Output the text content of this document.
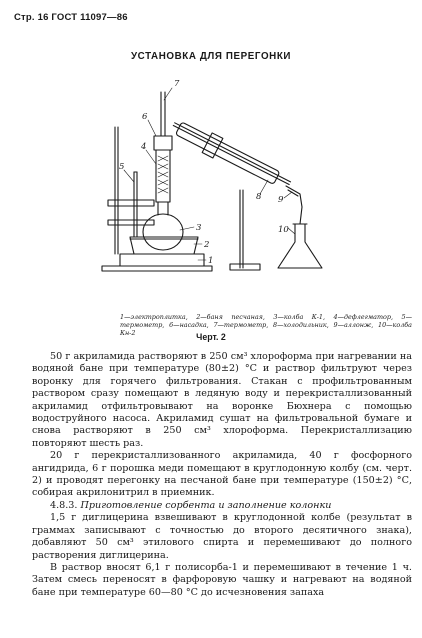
Стр. 16 ГОСТ 11097—86
УСТАНОВКА ДЛЯ ПЕРЕГОНКИ
7
6
4
5
3
2
1
8 9
10
1—электроплитка, 2—баня песчаная, 3—колба К-1, 4—дефлегматор, 5—термометр, 6—насадка, 7—термометр, 8—холодильник, 9—аллонж, 10—колба Кн-2	Черт. 2

50 г акриламида растворяют в 250 см³ хлороформа при нагревании на водяной бане при температуре (80±2) °С и раствор фильтруют через воронку для горячего фильтрования. Стакан с профильтрованным раствором сразу помещают в ледяную воду и перекристаллизованный акриламид отфильтровывают на воронке Бюхнера с помощью водоструйного насоса. Акриламид сушат на фильтровальной бумаге и снова растворяют в 250 см³ хлороформа. Перекристаллизацию повторяют шесть раз.

20 г перекристаллизованного акриламида, 40 г фосфорного ангидрида, 6 г порошка меди помещают в круглодонную колбу (см. черт. 2) и проводят перегонку на песчаной бане при температуре (150±2) °С, собирая акрилонитрил в приемник.

4.8.3. Приготовление сорбента и заполнение колонки

1,5 г диглицерина взвешивают в круглодонной колбе (результат в граммах записывают с точностью до второго десятичного знака), добавляют 50 см³ этилового спирта и перемешивают до полного растворения диглицерина.

В раствор вносят 6,1 г полисорба-1 и перемешивают в течение 1 ч. Затем смесь переносят в фарфоровую чашку и нагревают на водяной бане при температуре 60—80 °С до исчезновения запаха
